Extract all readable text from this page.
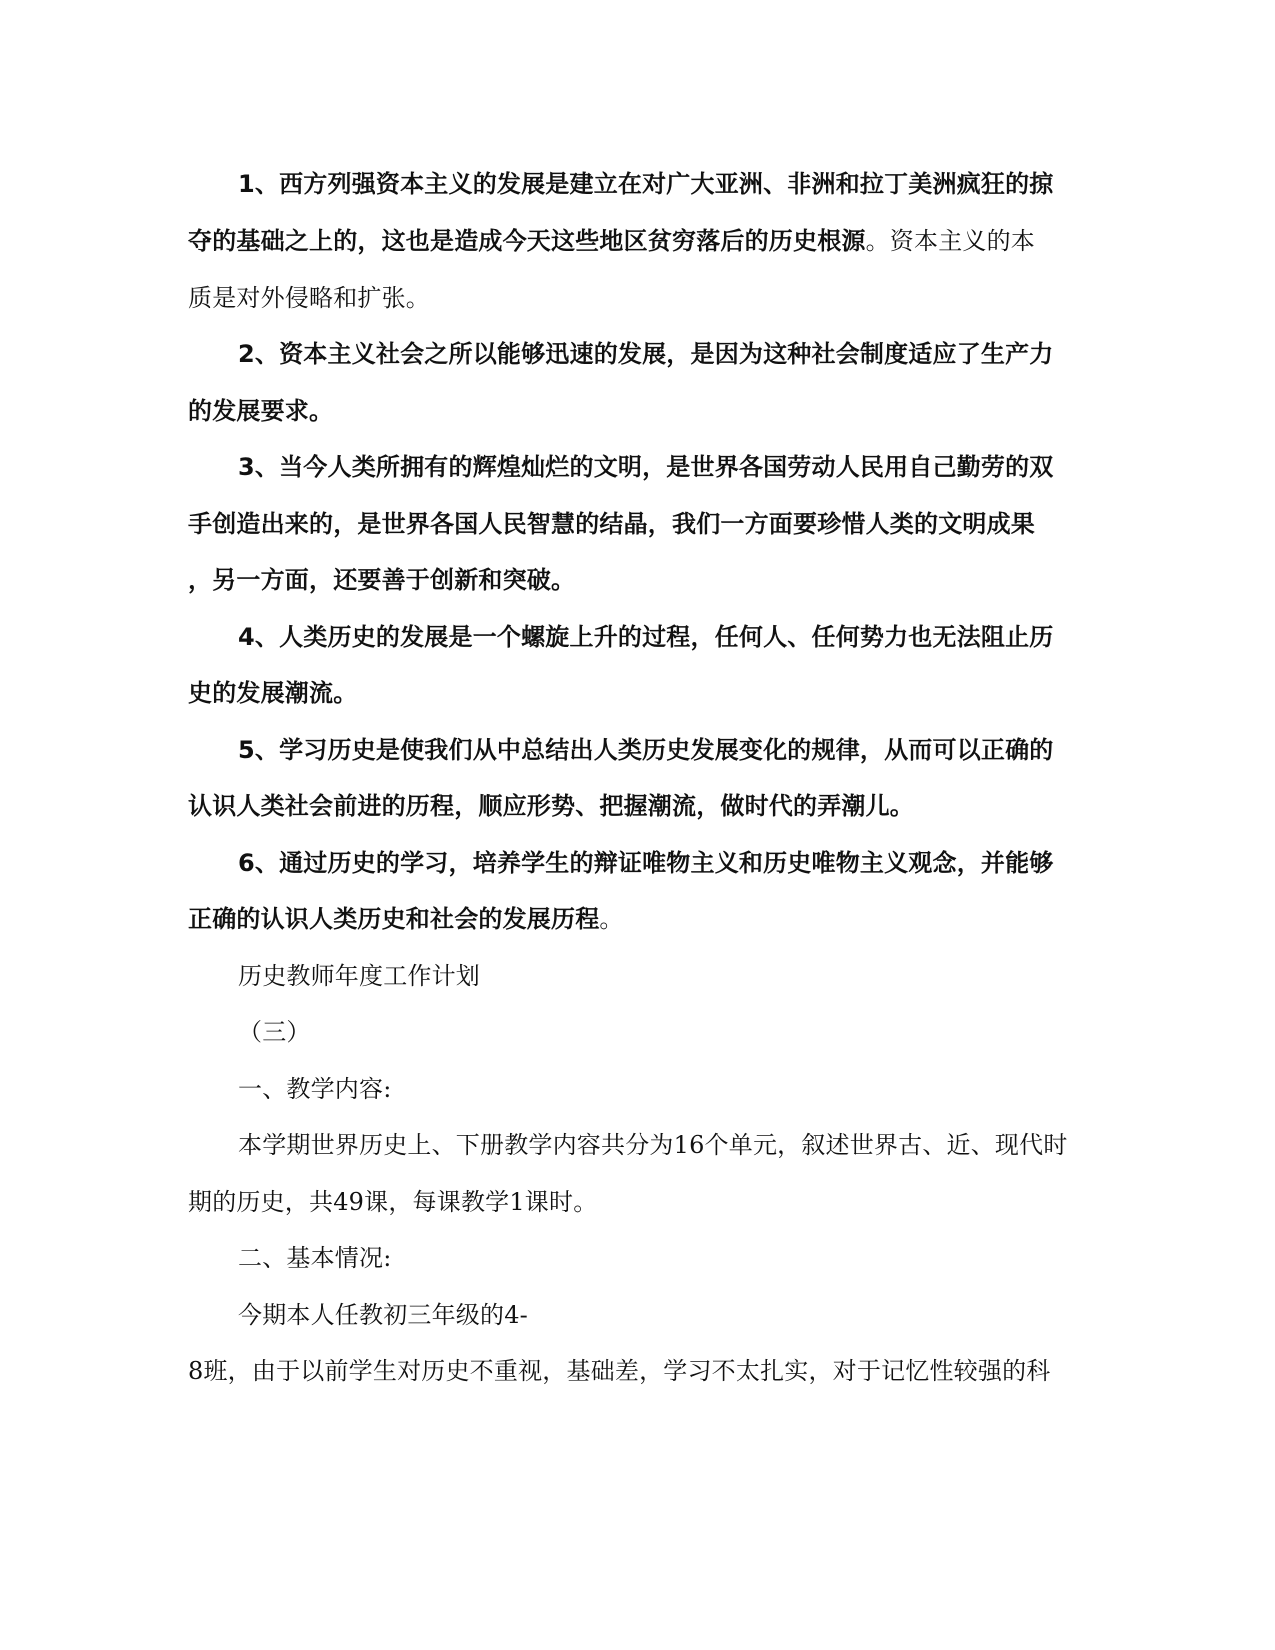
1、西方列强资本主义的发展是建立在对广大亚洲、非洲和拉丁美洲疯狂的掠
夺的基础之上的，这也是造成今天这些地区贫穷落后的历史根源。资本主义的本
质是对外侵略和扩张。
2、资本主义社会之所以能够迅速的发展，是因为这种社会制度适应了生产力
的发展要求。
3、当今人类所拥有的辉煌灿烂的文明，是世界各国劳动人民用自己勤劳的双
手创造出来的，是世界各国人民智慧的结晶，我们一方面要珍惜人类的文明成果
，另一方面，还要善于创新和突破。
4、人类历史的发展是一个螺旋上升的过程，任何人、任何势力也无法阻止历
史的发展潮流。
5、学习历史是使我们从中总结出人类历史发展变化的规律，从而可以正确的
认识人类社会前进的历程，顺应形势、把握潮流，做时代的弄潮儿。
6、通过历史的学习，培养学生的辩证唯物主义和历史唯物主义观念，并能够
正确的认识人类历史和社会的发展历程。
历史教师年度工作计划
（三）
一、教学内容:
本学期世界历史上、下册教学内容共分为16个单元，叙述世界古、近、现代时
期的历史，共49课，每课教学1课时。
二、基本情况:
今期本人任教初三年级的4-
8班，由于以前学生对历史不重视，基础差，学习不太扎实，对于记忆性较强的科
